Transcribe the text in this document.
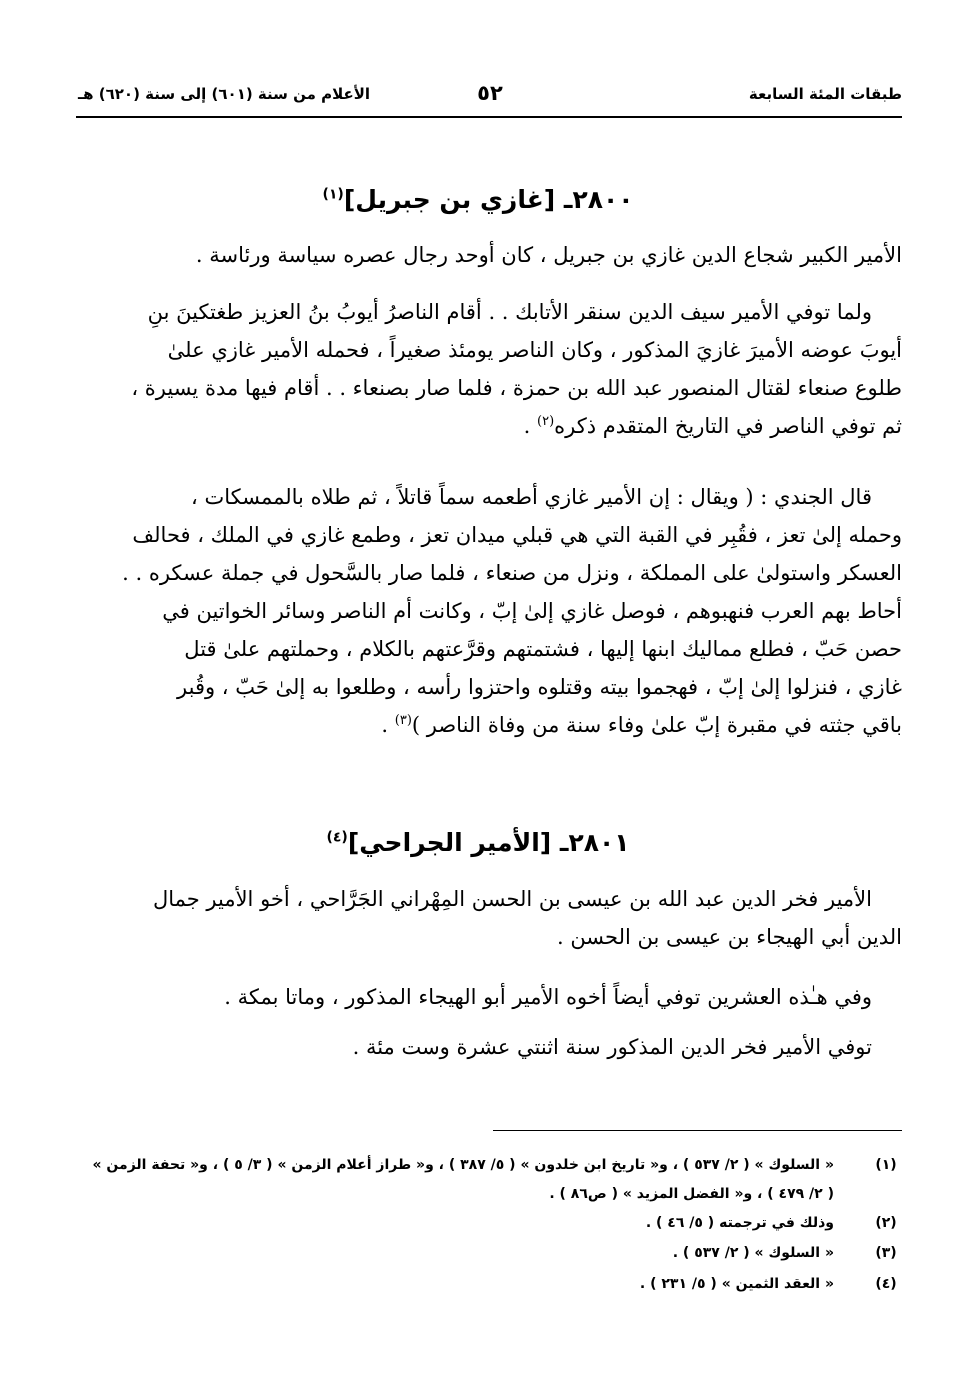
طبقات المئة السابعة
٥٢
الأعلام من سنة (٦٠١) إلى سنة (٦٢٠) هـ
٢٨٠٠ـ [غازي بن جبريل]$^{(١)}$
الأمير الكبير شجاع الدين غازي بن جبريل ، كان أوحد رجال عصره سياسة ورئاسة .
ولما توفي الأمير سيف الدين سنقر الأتابك . . أقام الناصرُ أيوبُ بنُ العزيز طغتكينَ بنِ
أيوبَ عوضه الأميرَ غازيَ المذكور ، وكان الناصر يومئذ صغيراً ، فحمله الأمير غازي علىٰ
طلوع صنعاء لقتال المنصور عبد الله بن حمزة ، فلما صار بصنعاء . . أقام فيها مدة يسيرة ،
ثم توفي الناصر في التاريخ المتقدم ذكره$^{(٢)}$ .
قال الجندي : ( ويقال : إن الأمير غازي أطعمه سماً قاتلاً ، ثم طلاه بالممسكات ،
وحمله إلىٰ تعز ، فقُبِر في القبة التي هي قبلي ميدان تعز ، وطمع غازي في الملك ، فحالف
العسكر واستولىٰ على المملكة ، ونزل من صنعاء ، فلما صار بالسَّحول في جملة عسكره . .
أحاط بهم العرب فنهبوهم ، فوصل غازي إلىٰ إبّ ، وكانت أم الناصر وسائر الخواتين في
حصن حَبّ ، فطلع مماليك ابنها إليها ، فشتمتهم وقرَّعتهم بالكلام ، وحملتهم علىٰ قتل
غازي ، فنزلوا إلىٰ إبّ ، فهجموا بيته وقتلوه واحتزوا رأسه ، وطلعوا به إلىٰ حَبّ ، وقُبر
باقي جثته في مقبرة إبّ علىٰ وفاء سنة من وفاة الناصر )$^{(٣)}$ .
٢٨٠١ـ [الأمير الجراحي]$^{(٤)}$
الأمير فخر الدين عبد الله بن عيسى بن الحسن المِهْراني الجَرَّاحي ، أخو الأمير جمال
الدين أبي الهيجاء بن عيسى بن الحسن .
وفي هـٰذه العشرين توفي أيضاً أخوه الأمير أبو الهيجاء المذكور ، وماتا بمكة .
توفي الأمير فخر الدين المذكور سنة اثنتي عشرة وست مئة .
(١)
« السلوك » ( ٢/ ٥٣٧ ) ، و« تاريخ ابن خلدون » ( ٥/ ٣٨٧ ) ، و« طراز أعلام الزمن » ( ٣/ ٥ ) ، و« تحفة الزمن »
( ٢/ ٤٧٩ ) ، و« الفضل المزيد » ( ص٨٦ ) .
(٢)
وذلك في ترجمته ( ٥/ ٤٦ ) .
(٣)
« السلوك » ( ٢/ ٥٣٧ ) .
(٤)
« العقد الثمين » ( ٥/ ٢٣١ ) .
